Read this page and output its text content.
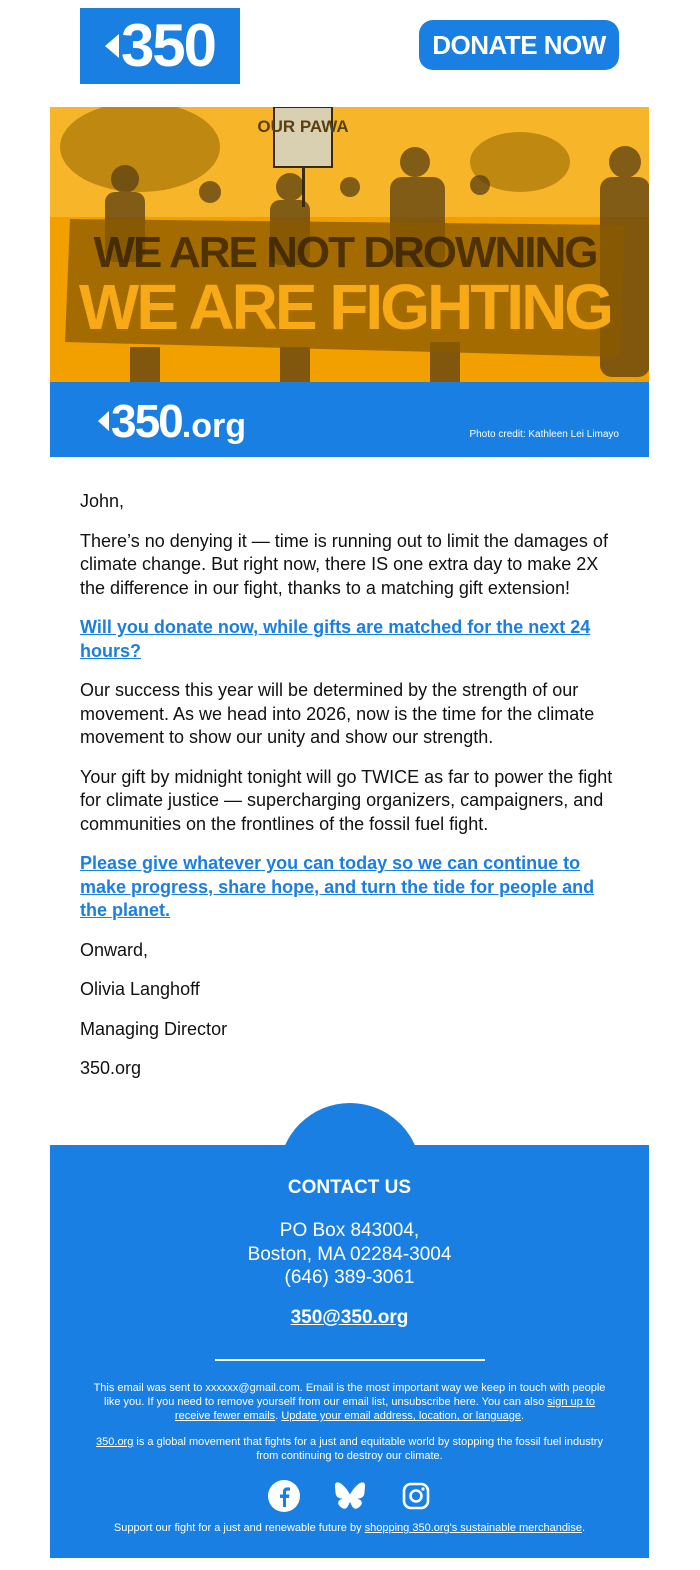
350	DONATE NOW
OUR PAWA
WE ARE NOT DROWNING
WE ARE FIGHTING
350 .org	Photo credit: Kathleen Lei Limayo

John,

There’s no denying it — time is running out to limit the damages of climate change. But right now, there IS one extra day to make 2X the difference in our fight, thanks to a matching gift extension!

Will you donate now, while gifts are matched for the next 24 hours?

Our success this year will be determined by the strength of our movement. As we head into 2026, now is the time for the climate movement to show our unity and show our strength.

Your gift by midnight tonight will go TWICE as far to power the fight for climate justice — supercharging organizers, campaigners, and communities on the frontlines of the fossil fuel fight.

Please give whatever you can today so we can continue to make progress, share hope, and turn the tide for people and the planet.

Onward,

Olivia Langhoff

Managing Director

350.org

CONTACT US
PO Box 843004,
Boston, MA 02284-3004
(646) 389-3061
350@350.org
This email was sent to xxxxxx@gmail.com. Email is the most important way we keep in touch with people like you. If you need to remove yourself from our email list, unsubscribe here. You can also sign up to receive fewer emails. Update your email address, location, or language.
350.org is a global movement that fights for a just and equitable world by stopping the fossil fuel industry from continuing to destroy our climate.
Support our fight for a just and renewable future by shopping 350.org's sustainable merchandise.
